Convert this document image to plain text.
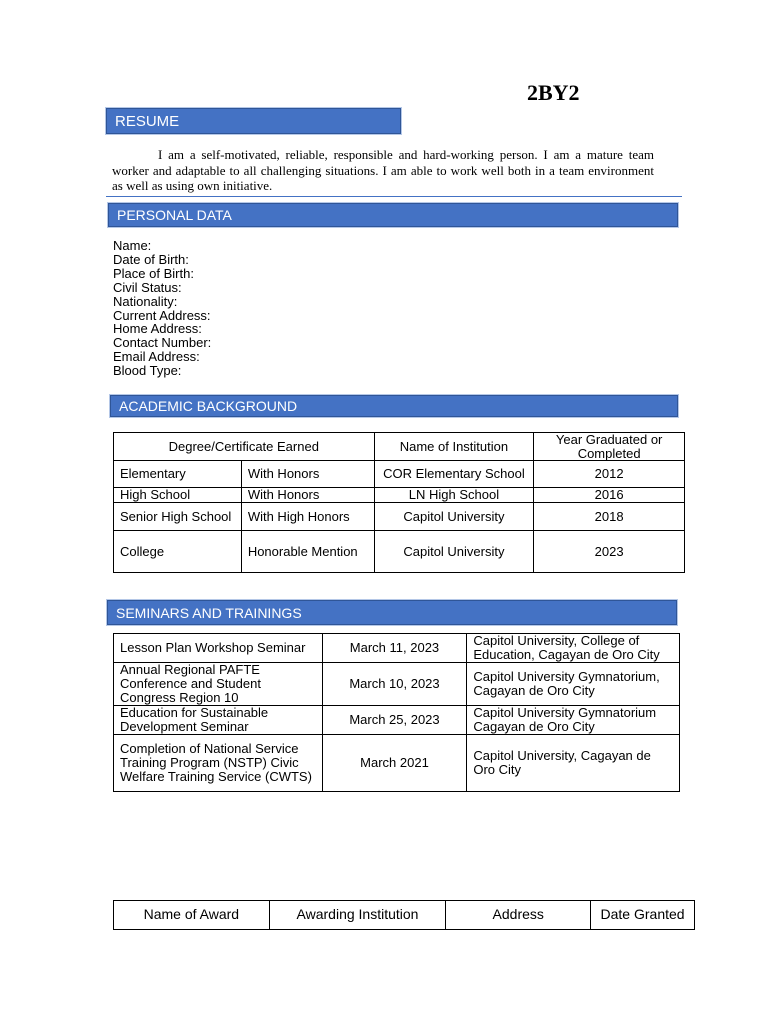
2BY2
RESUME

I am a self-motivated, reliable, responsible and hard-working person. I am a mature team worker and adaptable to all challenging situations. I am able to work well both in a team environment as well as using own initiative.

PERSONAL DATA
Name:
Date of Birth:
Place of Birth:
Civil Status:
Nationality:
Current Address:
Home Address:
Contact Number:
Email Address:
Blood Type:
ACADEMIC BACKGROUND
Degree/Certificate Earned		Name of Institution	Year Graduated or Completed
Elementary	With Honors	COR Elementary School	2012
High School	With Honors	LN High School	2016
Senior High School	With High Honors	Capitol University	2018
College	Honorable Mention	Capitol University	2023
SEMINARS AND TRAININGS
Lesson Plan Workshop Seminar	March 11, 2023	Capitol University, College of Education, Cagayan de Oro City
Annual Regional PAFTE Conference and Student Congress Region 10	March 10, 2023	Capitol University Gymnatorium, Cagayan de Oro City
Education for Sustainable Development Seminar	March 25, 2023	Capitol University Gymnatorium Cagayan de Oro City
Completion of National Service Training Program (NSTP) Civic Welfare Training Service (CWTS)	March 2021	Capitol University, Cagayan de Oro City
Name of Award	Awarding Institution	Address	Date Granted
